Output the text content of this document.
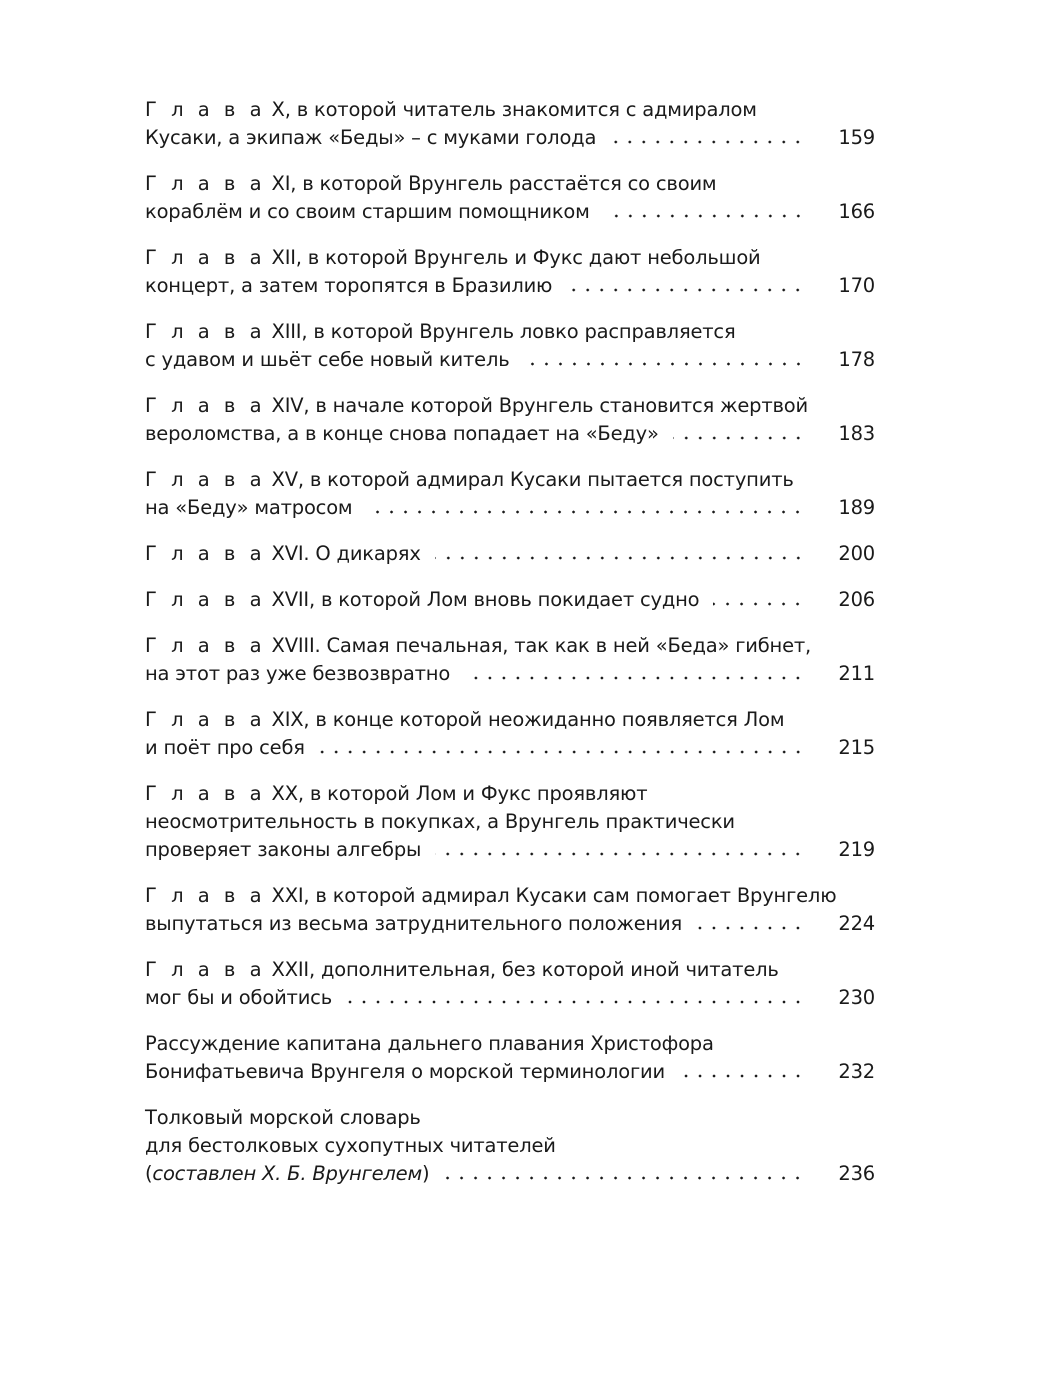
Г л а в а X, в которой читатель знакомится с адмиралом
Кусаки, а экипаж «Беды» – с муками голода	159
Г л а в а XI, в которой Врунгель расстаётся со своим
кораблём и со своим старшим помощником	166
Г л а в а XII, в которой Врунгель и Фукс дают небольшой
концерт, а затем торопятся в Бразилию	170
Г л а в а XIII, в которой Врунгель ловко расправляется
с удавом и шьёт себе новый китель	178
Г л а в а XIV, в начале которой Врунгель становится жертвой
вероломства, а в конце снова попадает на «Беду»	183
Г л а в а XV, в которой адмирал Кусаки пытается поступить
на «Беду» матросом	189
Г л а в а XVI. О дикарях	200
Г л а в а XVII, в которой Лом вновь покидает судно	206
Г л а в а XVIII. Самая печальная, так как в ней «Беда» гибнет,
на этот раз уже безвозвратно	211
Г л а в а XIX, в конце которой неожиданно появляется Лом
и поёт про себя	215
Г л а в а XX, в которой Лом и Фукс проявляют
неосмотрительность в покупках, а Врунгель практически
проверяет законы алгебры	219
Г л а в а XXI, в которой адмирал Кусаки сам помогает Врунгелю
выпутаться из весьма затруднительного положения	224
Г л а в а XXII, дополнительная, без которой иной читатель
мог бы и обойтись	230
Рассуждение капитана дальнего плавания Христофора
Бонифатьевича Врунгеля о морской терминологии	232
Толковый морской словарь
для бестолковых сухопутных читателей
(составлен Х. Б. Врунгелем)	236
